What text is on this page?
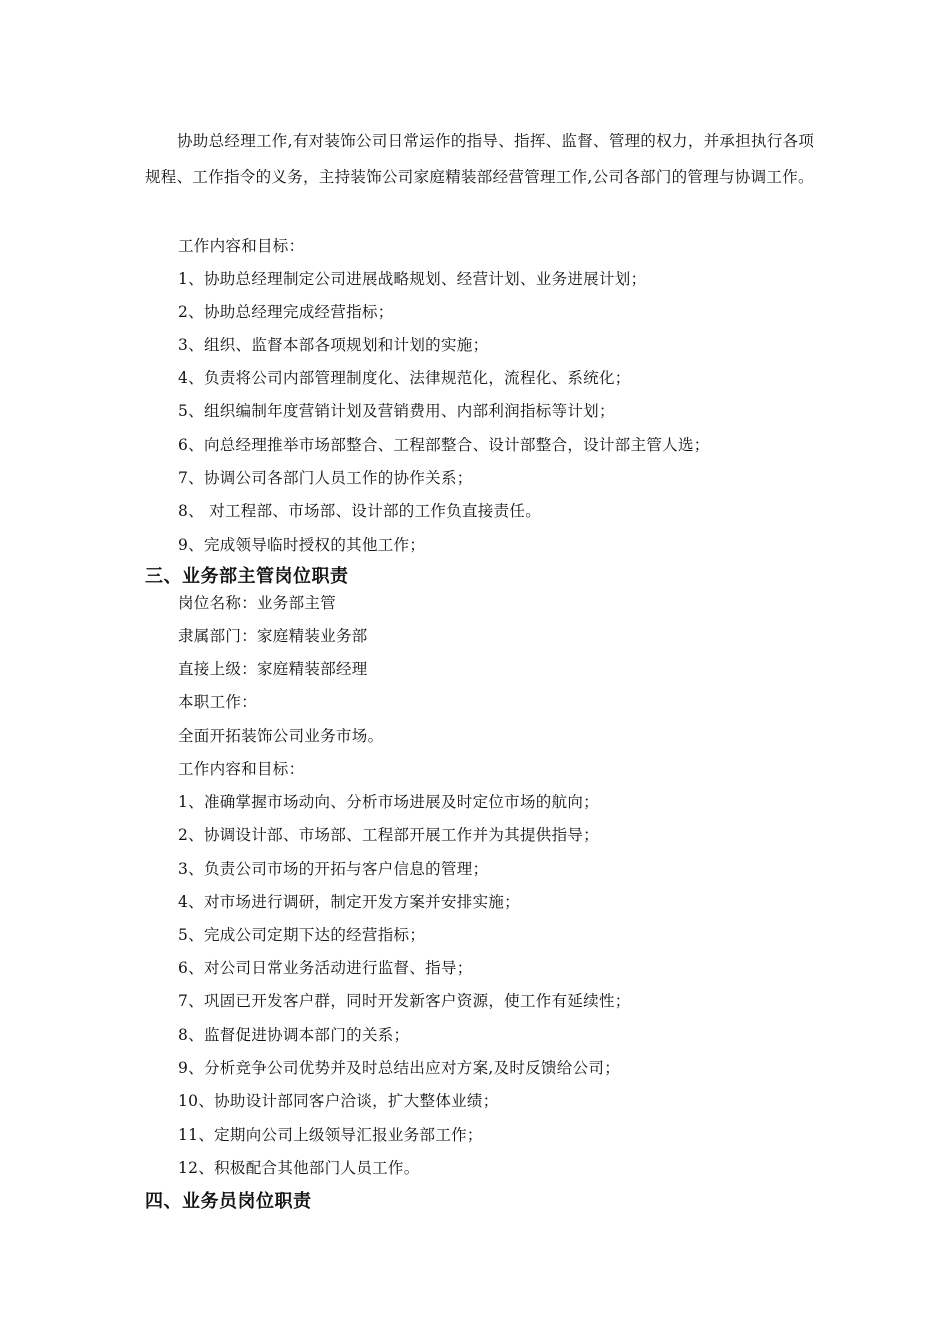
协助总经理工作,有对装饰公司日常运作的指导、指挥、监督、管理的权力，并承担执行各项规程、工作指令的义务，主持装饰公司家庭精装部经营管理工作,公司各部门的管理与协调工作。

工作内容和目标：
1、协助总经理制定公司进展战略规划、经营计划、业务进展计划；
2、协助总经理完成经营指标；
3、组织、监督本部各项规划和计划的实施；
4、负责将公司内部管理制度化、法律规范化，流程化、系统化；
5、组织编制年度营销计划及营销费用、内部利润指标等计划；
6、向总经理推举市场部整合、工程部整合、设计部整合，设计部主管人选；
7、协调公司各部门人员工作的协作关系；
8、 对工程部、市场部、设计部的工作负直接责任。
9、完成领导临时授权的其他工作；
三、业务部主管岗位职责
岗位名称：业务部主管
隶属部门：家庭精装业务部
直接上级：家庭精装部经理
本职工作：
全面开拓装饰公司业务市场。
工作内容和目标：
1、准确掌握市场动向、分析市场进展及时定位市场的航向；
2、协调设计部、市场部、工程部开展工作并为其提供指导；
3、负责公司市场的开拓与客户信息的管理；
4、对市场进行调研，制定开发方案并安排实施；
5、完成公司定期下达的经营指标；
6、对公司日常业务活动进行监督、指导；
7、巩固已开发客户群，同时开发新客户资源，使工作有延续性；
8、监督促进协调本部门的关系；
9、分析竞争公司优势并及时总结出应对方案,及时反馈给公司；
10、协助设计部同客户洽谈，扩大整体业绩；
11、定期向公司上级领导汇报业务部工作；
12、积极配合其他部门人员工作。
四、业务员岗位职责
